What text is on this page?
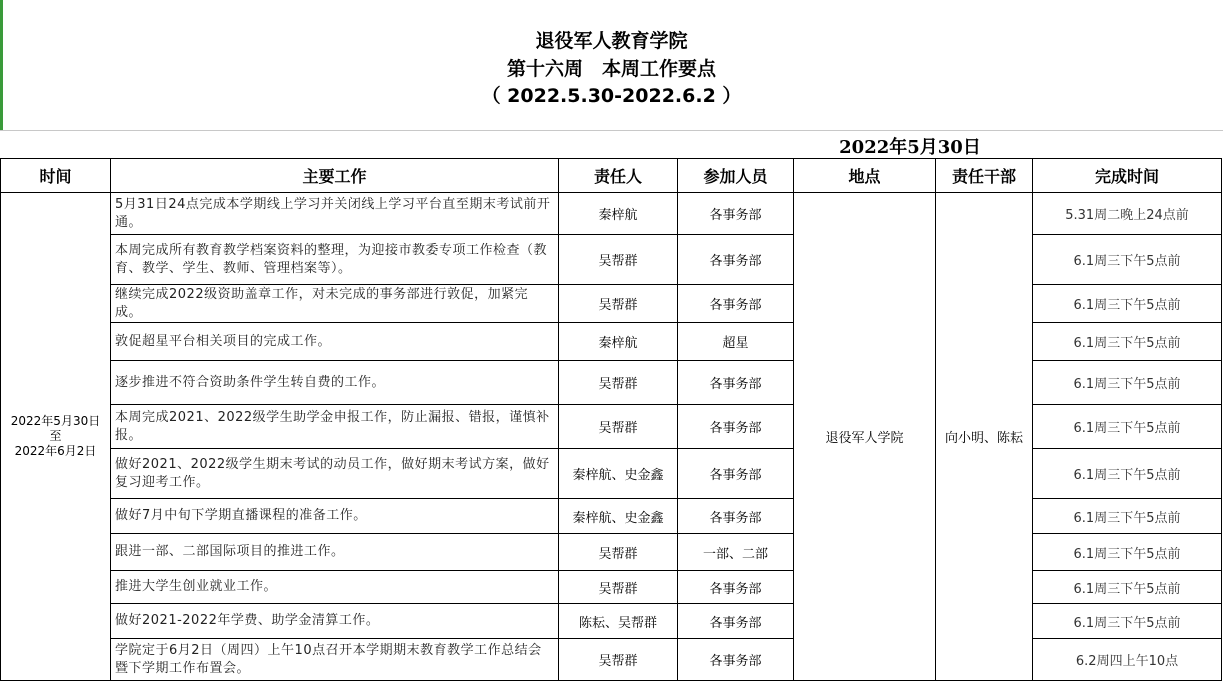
退役军人教育学院
第十六周　本周工作要点
（ 2022.5.30-2022.6.2 ）
2022年5月30日
时间	主要工作	责任人	参加人员	地点	责任干部	完成时间

2022年5月30日
至
2022年6月2日	5月31日24点完成本学期线上学习并关闭线上学习平台直至期末考试前开通。	秦梓航	各事务部	退役军人学院	向小明、陈耘	5.31周二晚上24点前
	本周完成所有教育教学档案资料的整理，为迎接市教委专项工作检查（教育、教学、学生、教师、管理档案等）。	吴帮群	各事务部			6.1周三下午5点前
	继续完成2022级资助盖章工作，对未完成的事务部进行敦促，加紧完成。	吴帮群	各事务部			6.1周三下午5点前
	敦促超星平台相关项目的完成工作。	秦梓航	超星			6.1周三下午5点前
	逐步推进不符合资助条件学生转自费的工作。	吴帮群	各事务部			6.1周三下午5点前
	本周完成2021、2022级学生助学金申报工作，防止漏报、错报，谨慎补报。	吴帮群	各事务部			6.1周三下午5点前
	做好2021、2022级学生期末考试的动员工作，做好期末考试方案，做好复习迎考工作。	秦梓航、史金鑫	各事务部			6.1周三下午5点前
	做好7月中旬下学期直播课程的准备工作。	秦梓航、史金鑫	各事务部			6.1周三下午5点前
	跟进一部、二部国际项目的推进工作。	吴帮群	一部、二部			6.1周三下午5点前
	推进大学生创业就业工作。	吴帮群	各事务部			6.1周三下午5点前
	做好2021-2022年学费、助学金清算工作。	陈耘、吴帮群	各事务部			6.1周三下午5点前
	学院定于6月2日（周四）上午10点召开本学期期末教育教学工作总结会暨下学期工作布置会。	吴帮群	各事务部			6.2周四上午10点
